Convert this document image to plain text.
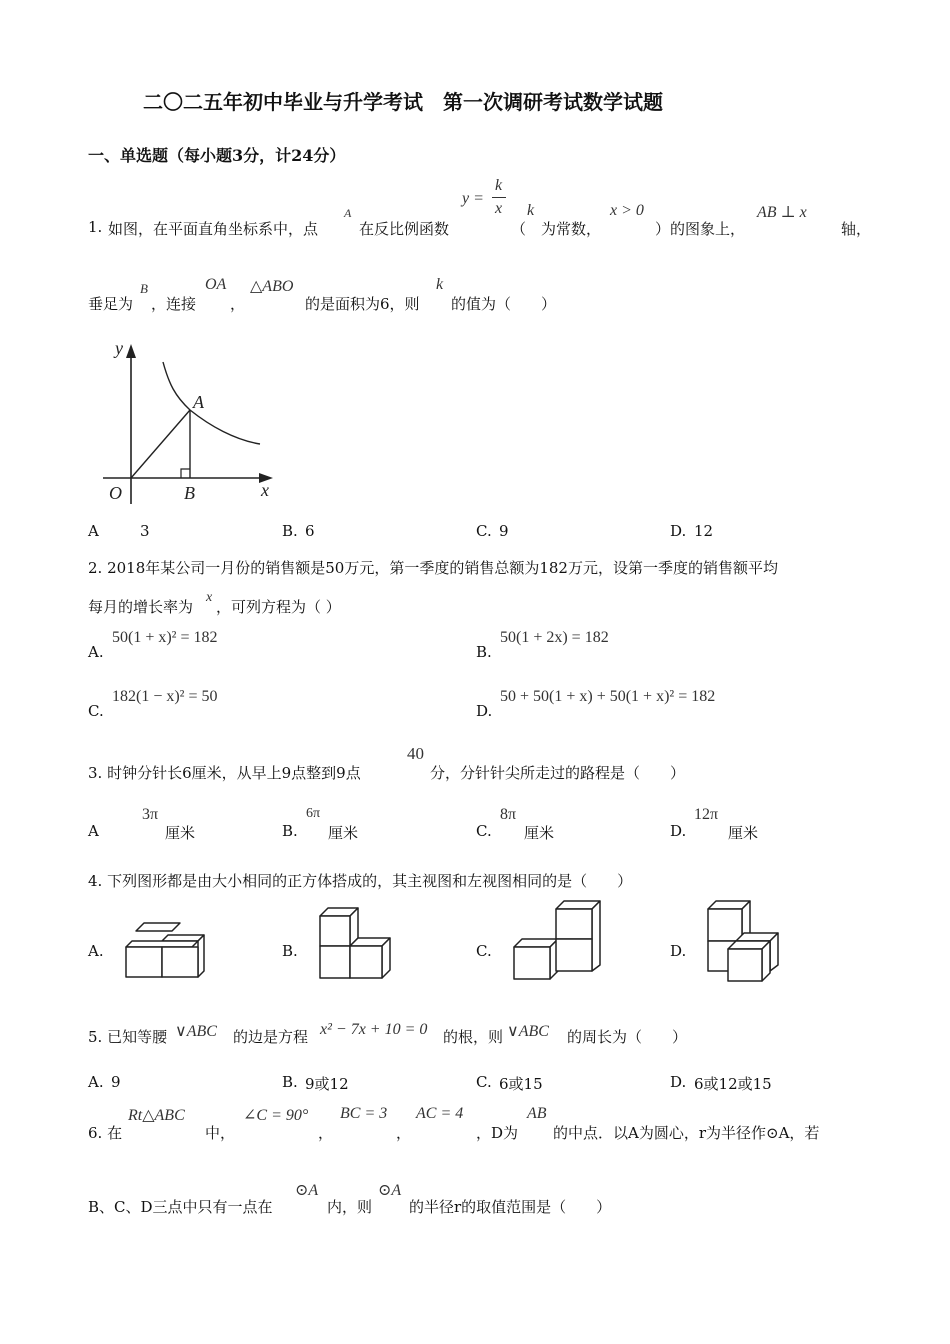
二〇二五年初中毕业与升学考试　第一次调研考试数学试题
一、单选题（每小题3分，计24分）
1. 如图，在平面直角坐标系中，点
A
在反比例函数
y =
k
x
（
k
为常数，
x > 0
）的图象上，
AB ⊥ x
轴，
垂足为
B
，连接
OA
，
△ABO
的是面积为6，则
k
的值为（　　）
y
A
O	B	x
A	3	B. 6	C. 9	D. 12
2. 2018年某公司一月份的销售额是50万元，第一季度的销售总额为182万元，设第一季度的销售额平均
每月的增长率为
x
，可列方程为（ ）
A.
50(1 + x)² = 182
B.
50(1 + 2x) = 182
C.
182(1 − x)² = 50
D.
50 + 50(1 + x) + 50(1 + x)² = 182
3. 时钟分针长6厘米，从早上9点整到9点
40
分，分针针尖所走过的路程是（　　）
A
3π
厘米	B.
6π
厘米	C.
8π
厘米	D.
12π
厘米
4. 下列图形都是由大小相同的正方体搭成的，其主视图和左视图相同的是（　　）
A.	B.	C.	D.
5. 已知等腰 ∨ABC 的边是方程 x² − 7x + 10 = 0 的根，则 ∨ABC 的周长为（　　）
A. 9	B. 9或12	C. 6或15	D. 6或12或15
6. 在
Rt△ABC
中，
∠C = 90°
，
BC = 3
，
AC = 4
，D为
AB
的中点．以A为圆心，r为半径作⊙A，若
B、C、D三点中只有一点在
⊙A
内，则
⊙A
的半径r的取值范围是（　　）
